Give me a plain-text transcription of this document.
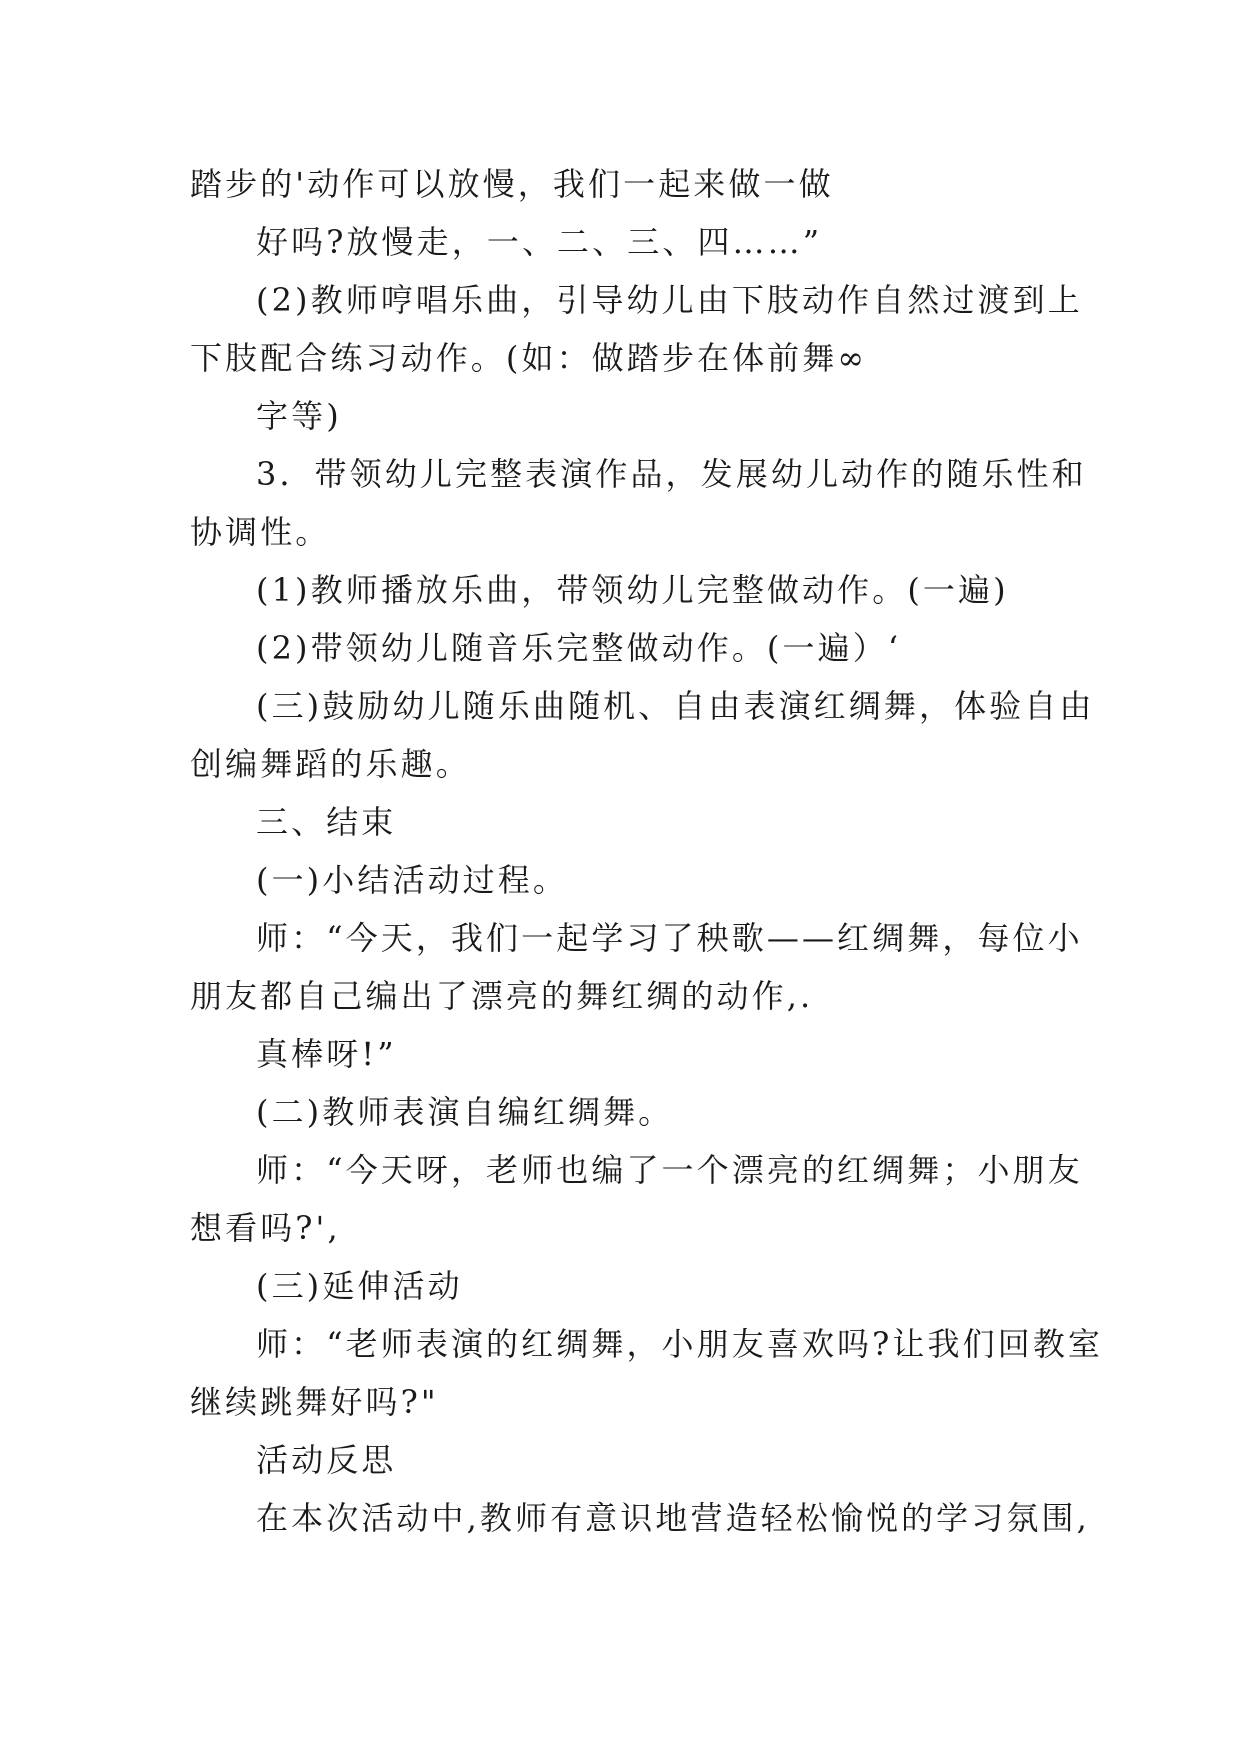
踏步的'动作可以放慢，我们一起来做一做
好吗?放慢走，一、二、三、四……”
(2)教师哼唱乐曲，引导幼儿由下肢动作自然过渡到上
下肢配合练习动作。(如：做踏步在体前舞∞
字等)
3．带领幼儿完整表演作品，发展幼儿动作的随乐性和
协调性。
(1)教师播放乐曲，带领幼儿完整做动作。(一遍)
(2)带领幼儿随音乐完整做动作。(一遍）‘
(三)鼓励幼儿随乐曲随机、自由表演红绸舞，体验自由
创编舞蹈的乐趣。
三、结束
(一)小结活动过程。
师：“今天，我们一起学习了秧歌——红绸舞，每位小
朋友都自己编出了漂亮的舞红绸的动作,.
真棒呀!”
(二)教师表演自编红绸舞。
师：“今天呀，老师也编了一个漂亮的红绸舞；小朋友
想看吗?',
(三)延伸活动
师：“老师表演的红绸舞，小朋友喜欢吗?让我们回教室
继续跳舞好吗?"
活动反思
在本次活动中,教师有意识地营造轻松愉悦的学习氛围,
